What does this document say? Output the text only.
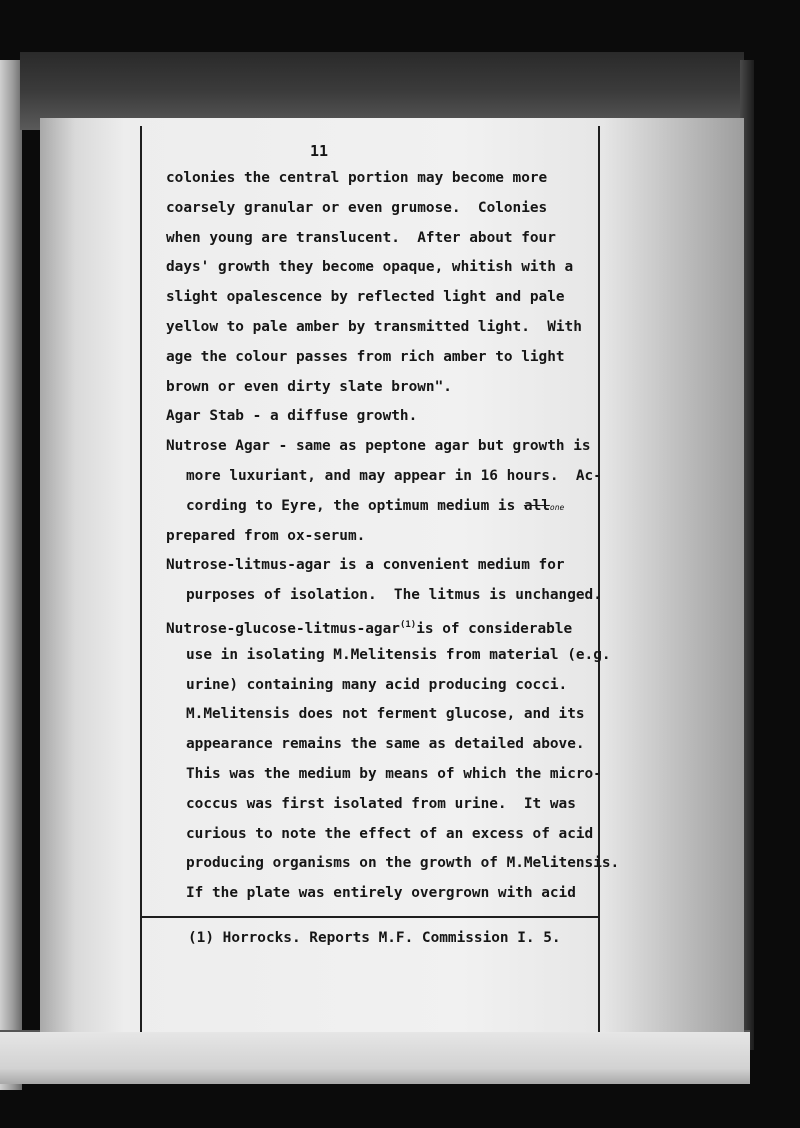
11
colonies the central portion may become more
coarsely granular or even grumose.  Colonies
when young are translucent.  After about four
days' growth they become opaque, whitish with a
slight opalescence by reflected light and pale
yellow to pale amber by transmitted light.  With
age the colour passes from rich amber to light
brown or even dirty slate brown".
Agar Stab - a diffuse growth.
Nutrose Agar - same as peptone agar but growth is
more luxuriant, and may appear in 16 hours.  Ac-
cording to Eyre, the optimum medium is allone
prepared from ox-serum.
Nutrose-litmus-agar is a convenient medium for
purposes of isolation.  The litmus is unchanged.
Nutrose-glucose-litmus-agar$^{(1)}$is of considerable
use in isolating M.Melitensis from material (e.g.
urine) containing many acid producing cocci.
M.Melitensis does not ferment glucose, and its
appearance remains the same as detailed above.
This was the medium by means of which the micro-
coccus was first isolated from urine.  It was
curious to note the effect of an excess of acid
producing organisms on the growth of M.Melitensis.
If the plate was entirely overgrown with acid
(1) Horrocks. Reports M.F. Commission I. 5.
